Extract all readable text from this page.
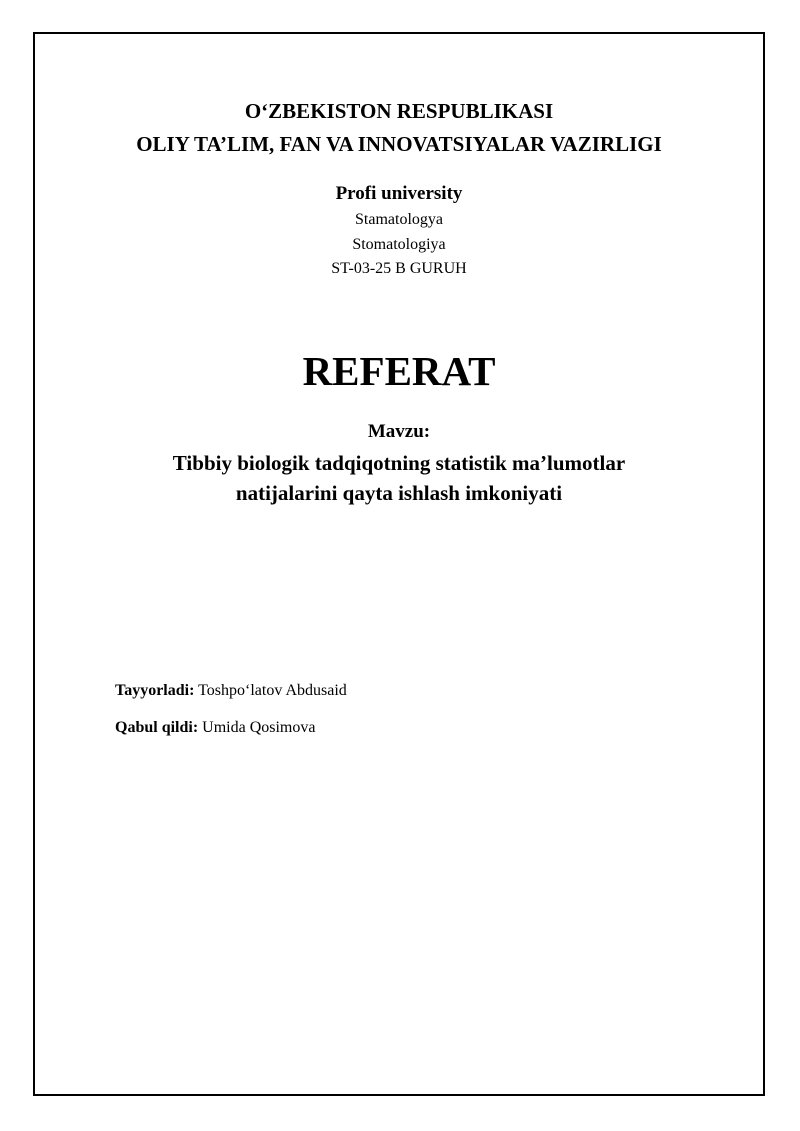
O‘ZBEKISTON RESPUBLIKASI
OLIY TA’LIM, FAN VA INNOVATSIYALAR VAZIRLIGI
Profi university
Stamatologya
Stomatologiya
ST-03-25 B GURUH
REFERAT
Mavzu:
Tibbiy biologik tadqiqotning statistik ma’lumotlar
natijalarini qayta ishlash imkoniyati
Tayyorladi: Toshpo‘latov Abdusaid
Qabul qildi: Umida Qosimova
